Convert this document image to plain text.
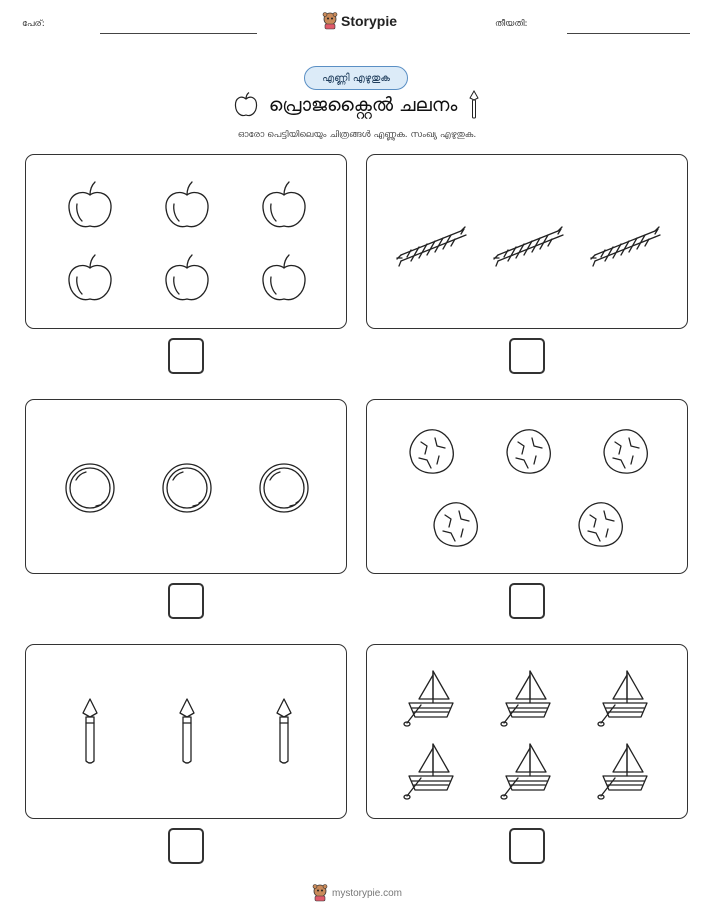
പേര്:	Storypie	തീയതി:
എണ്ണി എഴുതുക
പ്രൊജക്റ്റൈൽ ചലനം
ഓരോ പെട്ടിയിലെയും ചിത്രങ്ങൾ എണ്ണുക. സംഖ്യ എഴുതുക.
mystorypie.com
